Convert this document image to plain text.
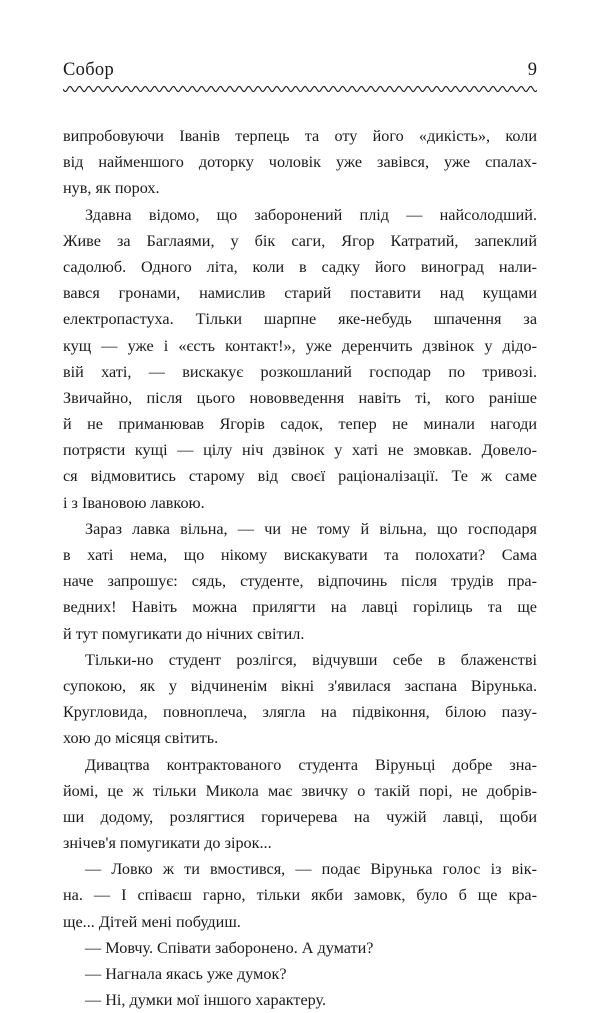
Собор	9
випробовуючи Іванів терпець та оту його «дикість», коли
від найменшого доторку чоловік уже завівся, уже спалах-
нув, як порох.
Здавна відомо, що заборонений плід — найсолодший.
Живе за Баглаями, у бік саги, Ягор Катратий, запеклий
садолюб. Одного літа, коли в садку його виноград нали-
вався гронами, намислив старий поставити над кущами
електропастуха. Тільки шарпне яке-небудь шпачення за
кущ — уже і «єсть контакт!», уже деренчить дзвінок у дідо-
вій хаті, — вискакує розкошланий господар по тривозі.
Звичайно, після цього нововведення навіть ті, кого раніше
й не приманював Ягорів садок, тепер не минали нагоди
потрясти кущі — цілу ніч дзвінок у хаті не змовкав. Довело-
ся відмовитись старому від своєї раціоналізації. Те ж саме
і з Івановою лавкою.
Зараз лавка вільна, — чи не тому й вільна, що господаря
в хаті нема, що нікому вискакувати та полохати? Сама
наче запрошує: сядь, студенте, відпочинь після трудів пра-
ведних! Навіть можна прилягти на лавці горілиць та ще
й тут помугикати до нічних світил.
Тільки-но студент розлігся, відчувши себе в блаженстві
супокою, як у відчиненім вікні з'явилася заспана Вірунька.
Кругловида, повноплеча, злягла на підвіконня, білою пазу-
хою до місяця світить.
Дивацтва контрактованого студента Віруньці добре зна-
йомі, це ж тільки Микола має звичку о такій порі, не добрів-
ши додому, розлягтися горичерева на чужій лавці, щоби
знічев'я помугикати до зірок...
— Ловко ж ти вмостився, — подає Вірунька голос із вік-
на. — І співаєш гарно, тільки якби замовк, було б ще кра-
ще... Дітей мені побудиш.
— Мовчу. Співати заборонено. А думати?
— Нагнала якась уже думок?
— Ні, думки мої іншого характеру.
